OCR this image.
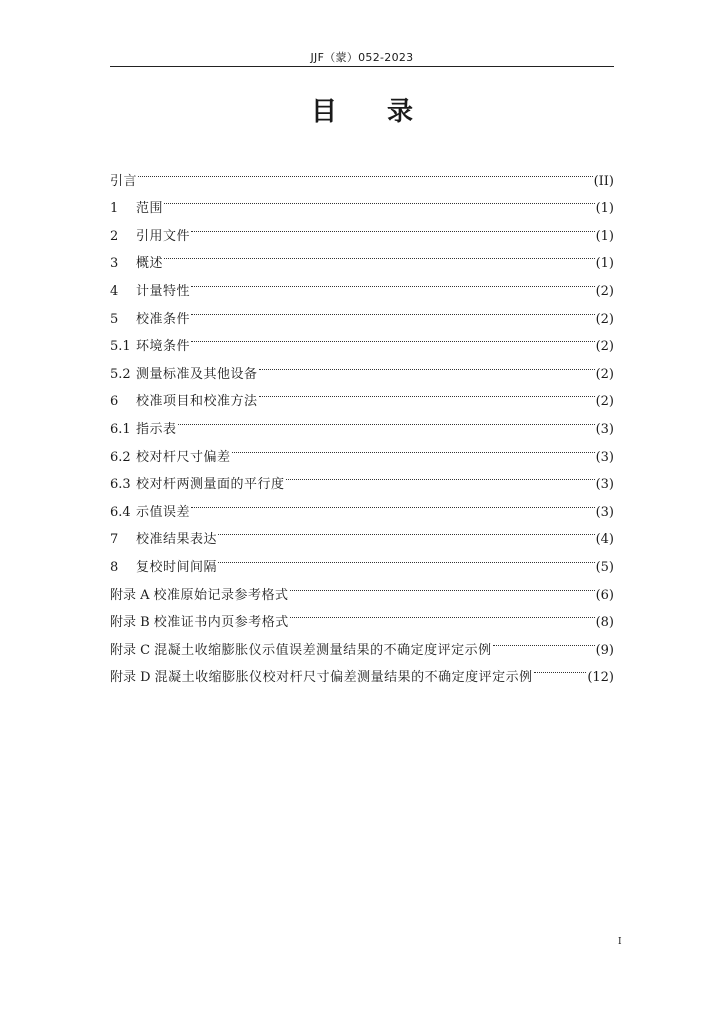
JJF（蒙）052-2023
目录
引言	(II)
1	范围	(1)
2	引用文件	(1)
3	概述	(1)
4	计量特性	(2)
5	校准条件	(2)
5.1 环境条件	(2)
5.2 测量标准及其他设备	(2)
6	校准项目和校准方法	(2)
6.1 指示表	(3)
6.2 校对杆尺寸偏差	(3)
6.3 校对杆两测量面的平行度	(3)
6.4 示值误差	(3)
7	校准结果表达	(4)
8	复校时间间隔	(5)
附录 A 校准原始记录参考格式	(6)
附录 B 校准证书内页参考格式	(8)
附录 C 混凝土收缩膨胀仪示值误差测量结果的不确定度评定示例	(9)
附录 D 混凝土收缩膨胀仪校对杆尺寸偏差测量结果的不确定度评定示例	(12)
I
